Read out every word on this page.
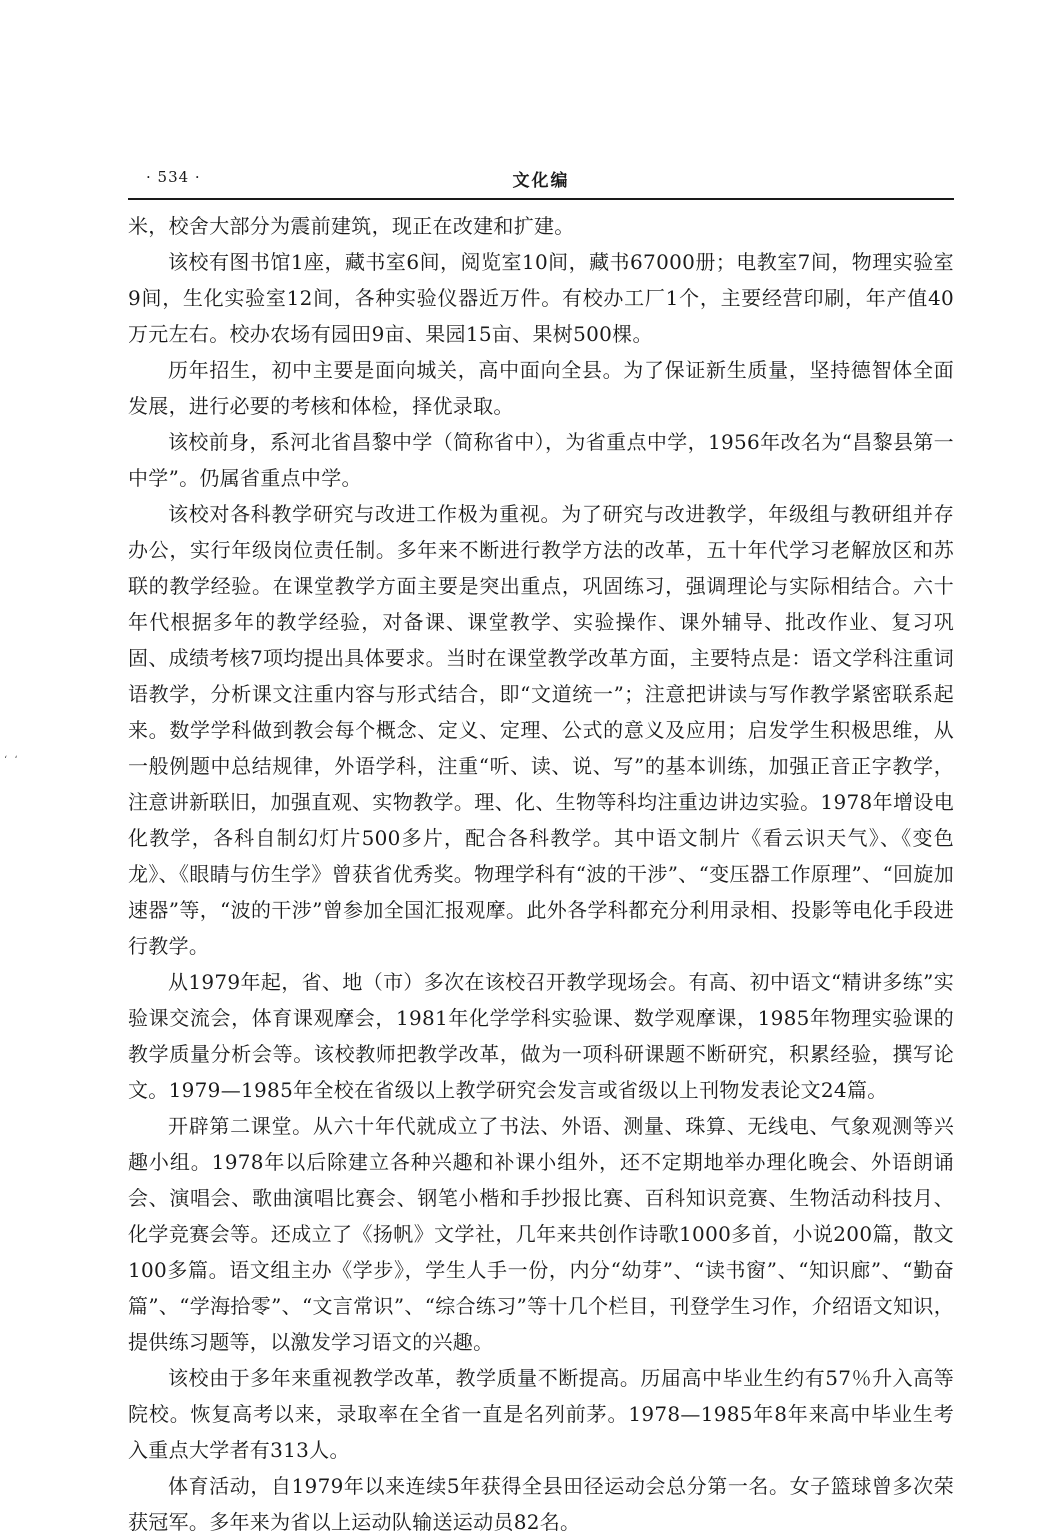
· 534 ·	文化编
‘ ‘

米，校舍大部分为震前建筑，现正在改建和扩建。

该校有图书馆1座，藏书室6间，阅览室10间，藏书67000册；电教室7间，物理实验室9间，生化实验室12间，各种实验仪器近万件。有校办工厂1个，主要经营印刷，年产值40万元左右。校办农场有园田9亩、果园15亩、果树500棵。

历年招生，初中主要是面向城关，高中面向全县。为了保证新生质量，坚持德智体全面发展，进行必要的考核和体检，择优录取。

该校前身，系河北省昌黎中学（简称省中），为省重点中学，1956年改名为“昌黎县第一中学”。仍属省重点中学。

该校对各科教学研究与改进工作极为重视。为了研究与改进教学，年级组与教研组并存办公，实行年级岗位责任制。多年来不断进行教学方法的改革，五十年代学习老解放区和苏联的教学经验。在课堂教学方面主要是突出重点，巩固练习，强调理论与实际相结合。六十年代根据多年的教学经验，对备课、课堂教学、实验操作、课外辅导、批改作业、复习巩固、成绩考核7项均提出具体要求。当时在课堂教学改革方面，主要特点是：语文学科注重词语教学，分析课文注重内容与形式结合，即“文道统一”；注意把讲读与写作教学紧密联系起来。数学学科做到教会每个概念、定义、定理、公式的意义及应用；启发学生积极思维，从一般例题中总结规律，外语学科，注重“听、读、说、写”的基本训练，加强正音正字教学，注意讲新联旧，加强直观、实物教学。理、化、生物等科均注重边讲边实验。1978年增设电化教学，各科自制幻灯片500多片，配合各科教学。其中语文制片《看云识天气》、《变色龙》、《眼睛与仿生学》曾获省优秀奖。物理学科有“波的干涉”、“变压器工作原理”、“回旋加速器”等，“波的干涉”曾参加全国汇报观摩。此外各学科都充分利用录相、投影等电化手段进行教学。

从1979年起，省、地（市）多次在该校召开教学现场会。有高、初中语文“精讲多练”实验课交流会，体育课观摩会，1981年化学学科实验课、数学观摩课，1985年物理实验课的教学质量分析会等。该校教师把教学改革，做为一项科研课题不断研究，积累经验，撰写论文。1979—1985年全校在省级以上教学研究会发言或省级以上刊物发表论文24篇。

开辟第二课堂。从六十年代就成立了书法、外语、测量、珠算、无线电、气象观测等兴趣小组。1978年以后除建立各种兴趣和补课小组外，还不定期地举办理化晚会、外语朗诵会、演唱会、歌曲演唱比赛会、钢笔小楷和手抄报比赛、百科知识竞赛、生物活动科技月、化学竞赛会等。还成立了《扬帆》文学社，几年来共创作诗歌1000多首，小说200篇，散文100多篇。语文组主办《学步》，学生人手一份，内分“幼芽”、“读书窗”、“知识廊”、“勤奋篇”、“学海拾零”、“文言常识”、“综合练习”等十几个栏目，刊登学生习作，介绍语文知识，提供练习题等，以激发学习语文的兴趣。

该校由于多年来重视教学改革，教学质量不断提高。历届高中毕业生约有57％升入高等院校。恢复高考以来，录取率在全省一直是名列前茅。1978—1985年8年来高中毕业生考入重点大学者有313人。

体育活动，自1979年以来连续5年获得全县田径运动会总分第一名。女子篮球曾多次荣获冠军。多年来为省以上运动队输送运动员82名。
